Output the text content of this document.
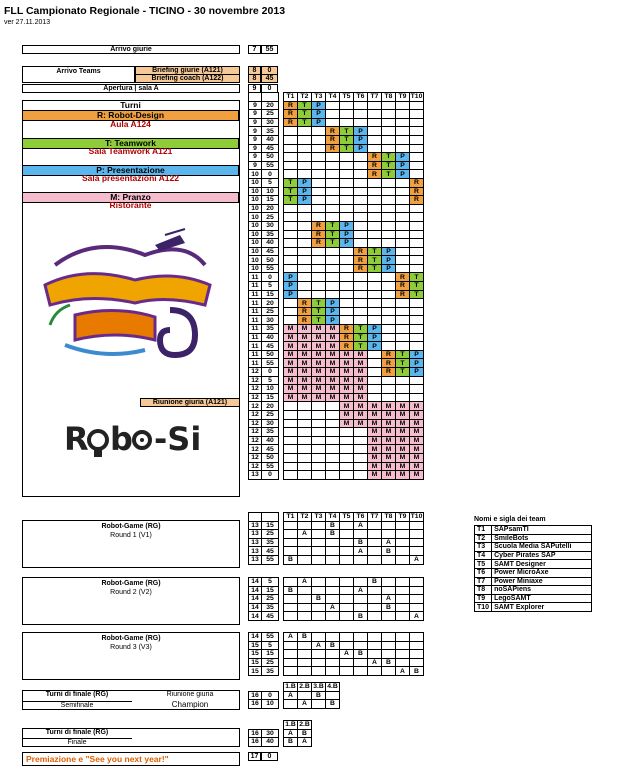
FLL Campionato Regionale - TICINO - 30 novembre 2013
ver 27.11.2013
Arrivo giurie	7	55
Arrivo Teams	Briefing giurie (A121)
Briefing coach (A122)
8	0
8	45
Apertura | sala A	9	0
Turni
R: Robot-Design
Aula A124
T: Teamwork
Sala Teamwork A121
P: Presentazione
Sala presentazioni A122
M: Pranzo
Ristorante
R b -Si
Riunione giuria (A121)
			T1	T2	T3	T4	T5	T6	T7	T8	T9	T10
9	20		R	T	P							
9	25		R	T	P							
9	30		R	T	P							
9	35					R	T	P				
9	40					R	T	P				
9	45					R	T	P				
9	50								R	T	P	
9	55								R	T	P	
10	0								R	T	P	
10	5		T	P								R
10	10		T	P								R
10	15		T	P								R
10	20											
10	25											
10	30				R	T	P					
10	35				R	T	P					
10	40				R	T	P					
10	45							R	T	P		
10	50							R	T	P		
10	55							R	T	P		
11	0		P								R	T
11	5		P								R	T
11	15		P								R	T
11	20			R	T	P						
11	25			R	T	P						
11	30			R	T	P						
11	35		M	M	M	M	R	T	P			
11	40		M	M	M	M	R	T	P			
11	45		M	M	M	M	R	T	P			
11	50		M	M	M	M	M	M		R	T	P
11	55		M	M	M	M	M	M		R	T	P
12	0		M	M	M	M	M	M		R	T	P
12	5		M	M	M	M	M	M				
12	10		M	M	M	M	M	M				
12	15		M	M	M	M	M	M				
12	20						M	M	M	M	M	M
12	25						M	M	M	M	M	M
12	30						M	M	M	M	M	M
12	35								M	M	M	M
12	40								M	M	M	M
12	45								M	M	M	M
12	50								M	M	M	M
12	55								M	M	M	M
13	0								M	M	M	M
Robot-Game (RG)
Round 1 (V1)
			T1	T2	T3	T4	T5	T6	T7	T8	T9	T10
13	15					B		A				
13	25			A		B						
13	35							B		A		
13	45							A		B		
13	55		B									A
Robot-Game (RG)
Round 2 (V2)
14	5			A					B			
14	15		B					A				
14	25				B					A		
14	35					A				B		
14	45							B				A
Robot-Game (RG)
Round 3 (V3)
14	55		A	B								
15	5				A	B						
15	15						A	B				
15	25								A	B		
15	35										A	B
Nomi e sigla dei team
T1	SAPsamTI
T2	SmileBots
T3	Scuola Media SAPutelli
T4	Cyber Pirates SAP
T5	SAMT Designer
T6	Power MicroAxe
T7	Power Miniaxe
T8	noSAPiens
T9	LegoSAMT
T10	SAMT Explorer
Turni di finale (RG)
Semifinale
Riunione giuria
Champion
			1.B	2.B	3.B	4.B
16	0		A		B	
16	10			A		B
Turni di finale (RG)
Finale
			1.B	2.B
16	30		A	B
16	40		B	A
Premiazione e "See you next year!"	17	0
